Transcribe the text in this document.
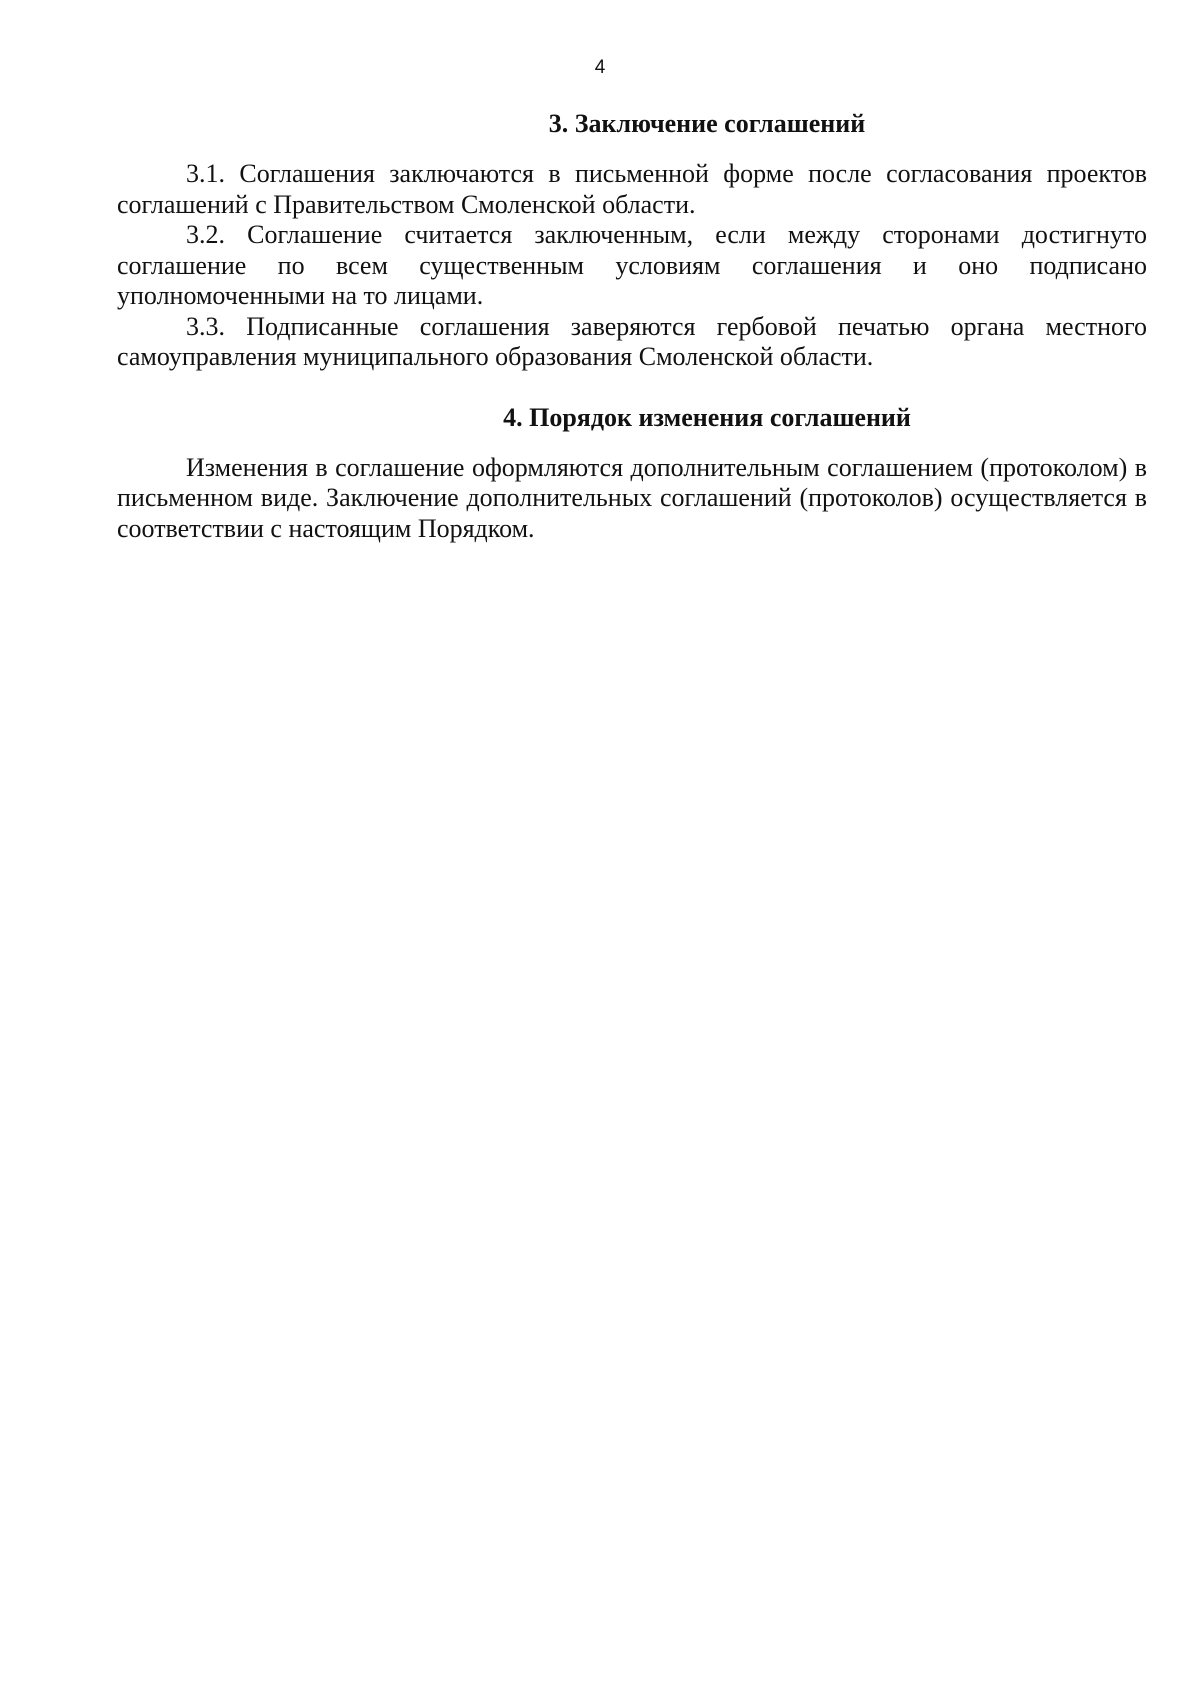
4
3. Заключение соглашений

3.1. Соглашения заключаются в письменной форме после согласования проектов соглашений с Правительством Смоленской области.

3.2. Соглашение считается заключенным, если между сторонами достигнуто соглашение по всем существенным условиям соглашения и оно подписано уполномоченными на то лицами.

3.3. Подписанные соглашения заверяются гербовой печатью органа местного самоуправления муниципального образования Смоленской области.

4. Порядок изменения соглашений

Изменения в соглашение оформляются дополнительным соглашением (протоколом) в письменном виде. Заключение дополнительных соглашений (протоколов) осуществляется в соответствии с настоящим Порядком.
